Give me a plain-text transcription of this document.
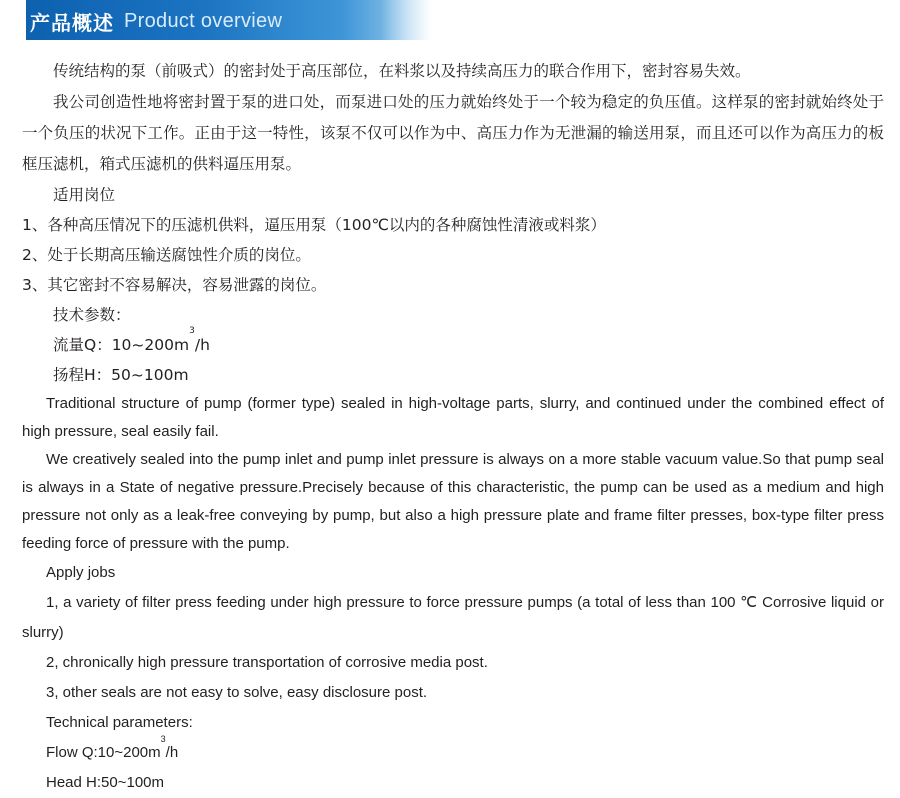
产品概述 Product overview

传统结构的泵（前吸式）的密封处于高压部位，在料浆以及持续高压力的联合作用下，密封容易失效。

我公司创造性地将密封置于泵的进口处，而泵进口处的压力就始终处于一个较为稳定的负压值。这样泵的密封就始终处于一个负压的状况下工作。正由于这一特性，该泵不仅可以作为中、高压力作为无泄漏的输送用泵，而且还可以作为高压力的板框压滤机，箱式压滤机的供料逼压用泵。

适用岗位

1、各种高压情况下的压滤机供料，逼压用泵（100℃以内的各种腐蚀性清液或料浆）

2、处于长期高压输送腐蚀性介质的岗位。

3、其它密封不容易解决，容易泄露的岗位。

技术参数：

流量Q：$10\sim 200m^3/h$

扬程H：50~100m

Traditional structure of pump (former type) sealed in high-voltage parts, slurry, and continued under the combined effect of high pressure, seal easily fail.

We creatively sealed into the pump inlet and pump inlet pressure is always on a more stable vacuum value.So that pump seal is always in a State of negative pressure.Precisely because of this characteristic, the pump can be used as a medium and high pressure not only as a leak-free conveying by pump, but also a high pressure plate and frame filter presses, box-type filter press feeding force of pressure with the pump.

Apply jobs

1, a variety of filter press feeding under high pressure to force pressure pumps (a total of less than 100 ℃ Corrosive liquid or slurry)

2, chronically high pressure transportation of corrosive media post.

3, other seals are not easy to solve, easy disclosure post.

Technical parameters:

Flow $Q:10\sim 200m^3/h$

Head H:50~100m
